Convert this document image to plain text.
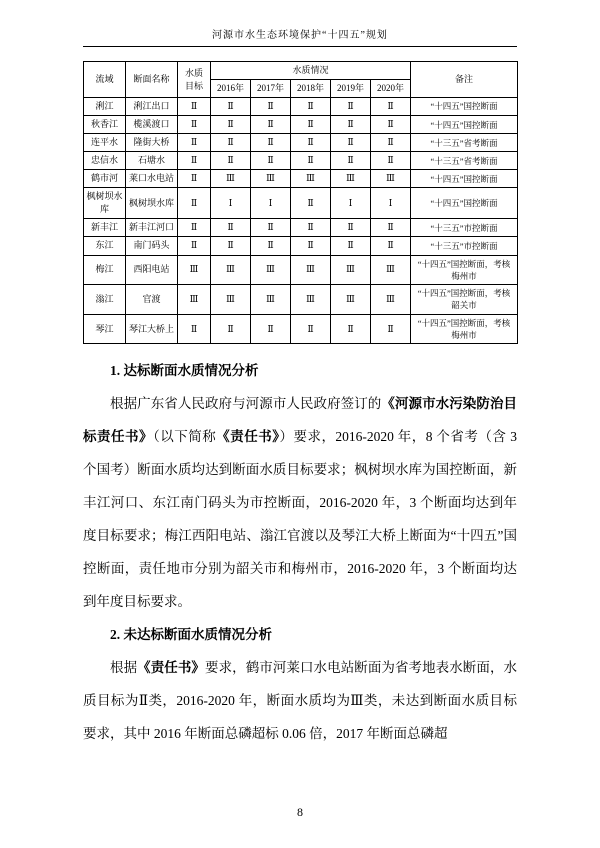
河源市水生态环境保护“十四五”规划
流域	断面名称	水质目标	水质情况					备注
			2016年	2017年	2018年	2019年	2020年	
浰江	浰江出口	Ⅱ	Ⅱ	Ⅱ	Ⅱ	Ⅱ	Ⅱ	“十四五”国控断面
秋香江	榄溪渡口	Ⅱ	Ⅱ	Ⅱ	Ⅱ	Ⅱ	Ⅱ	“十四五”国控断面
连平水	隆街大桥	Ⅱ	Ⅱ	Ⅱ	Ⅱ	Ⅱ	Ⅱ	“十三五”省考断面
忠信水	石塘水	Ⅱ	Ⅱ	Ⅱ	Ⅱ	Ⅱ	Ⅱ	“十三五”省考断面
鹤市河	莱口水电站	Ⅱ	Ⅲ	Ⅲ	Ⅲ	Ⅲ	Ⅲ	“十四五”国控断面
枫树坝水库	枫树坝水库	Ⅱ	Ⅰ	Ⅰ	Ⅱ	Ⅰ	Ⅰ	“十四五”国控断面
新丰江	新丰江河口	Ⅱ	Ⅱ	Ⅱ	Ⅱ	Ⅱ	Ⅱ	“十三五”市控断面
东江	南门码头	Ⅱ	Ⅱ	Ⅱ	Ⅱ	Ⅱ	Ⅱ	“十三五”市控断面
梅江	西阳电站	Ⅲ	Ⅲ	Ⅲ	Ⅲ	Ⅲ	Ⅲ	“十四五”国控断面，考核梅州市
滃江	官渡	Ⅲ	Ⅲ	Ⅲ	Ⅲ	Ⅲ	Ⅲ	“十四五”国控断面，考核韶关市
琴江	琴江大桥上	Ⅱ	Ⅱ	Ⅱ	Ⅱ	Ⅱ	Ⅱ	“十四五”国控断面，考核梅州市

1. 达标断面水质情况分析

根据广东省人民政府与河源市人民政府签订的《河源市水污染防治目标责任书》（以下简称《责任书》）要求，2016-2020 年，8 个省考（含 3 个国考）断面水质均达到断面水质目标要求；枫树坝水库为国控断面，新丰江河口、东江南门码头为市控断面，2016-2020 年，3 个断面均达到年度目标要求；梅江西阳电站、滃江官渡以及琴江大桥上断面为“十四五”国控断面，责任地市分别为韶关市和梅州市，2016-2020 年，3 个断面均达到年度目标要求。

2. 未达标断面水质情况分析

根据《责任书》要求，鹤市河莱口水电站断面为省考地表水断面，水质目标为Ⅱ类，2016-2020 年，断面水质均为Ⅲ类，未达到断面水质目标要求，其中 2016 年断面总磷超标 0.06 倍，2017 年断面总磷超

8
